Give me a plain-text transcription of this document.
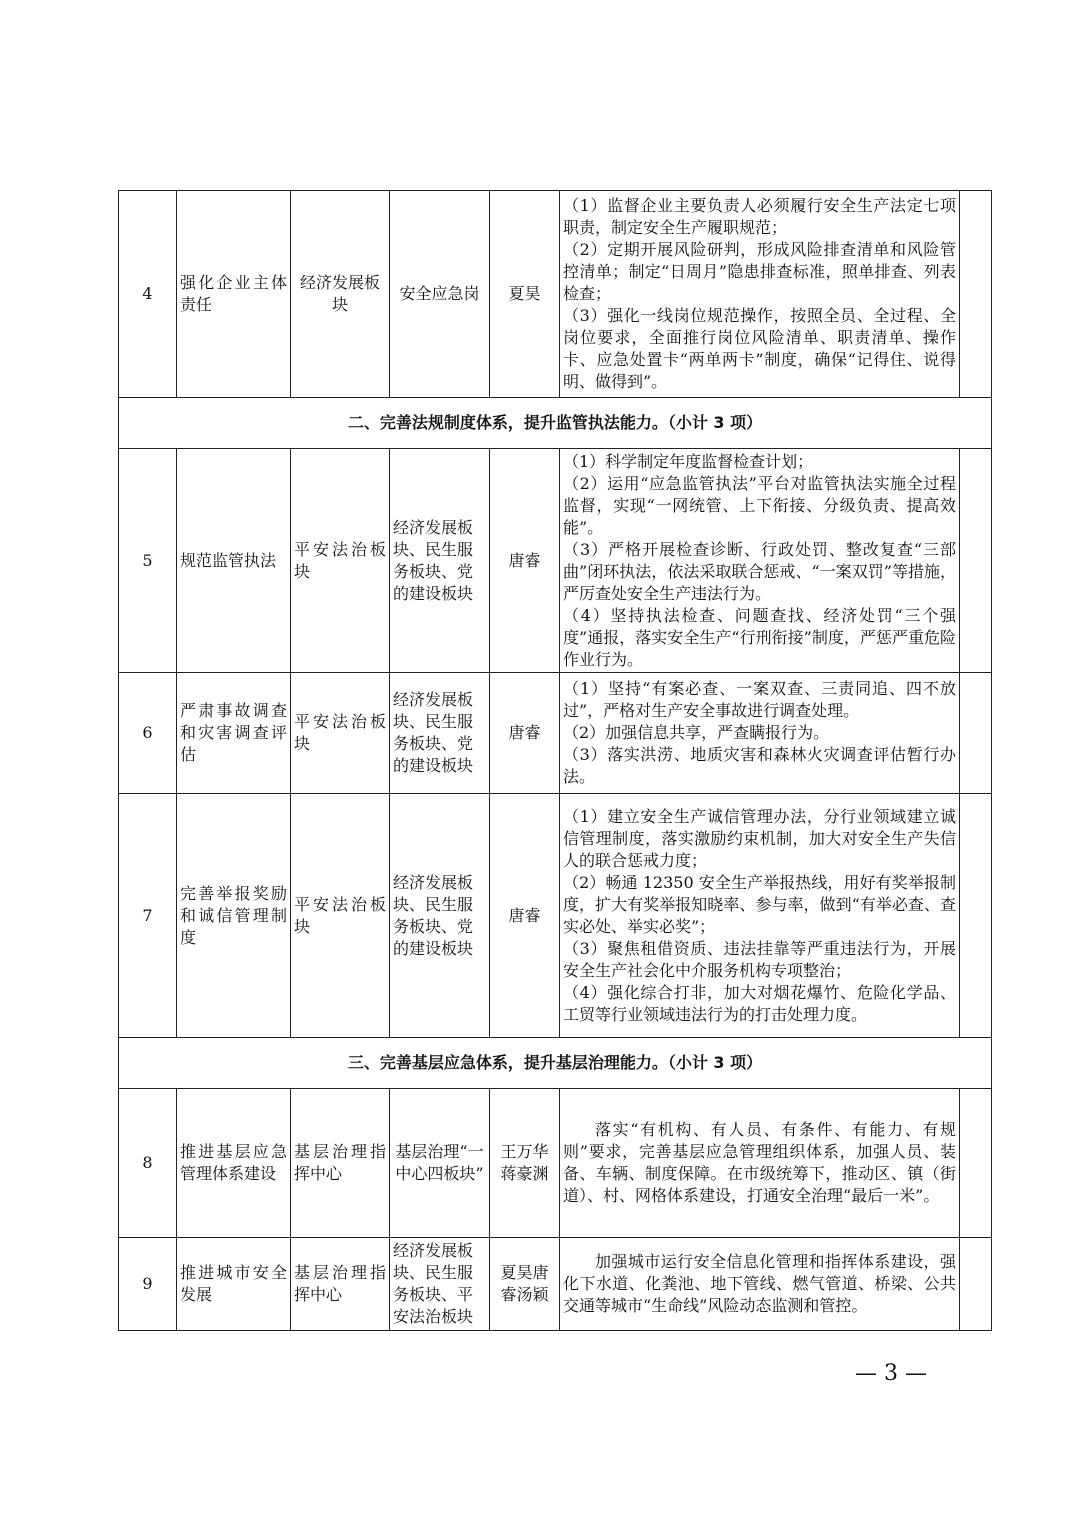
4	强化企业主体责任	经济发展板块	安全应急岗	夏昊	（1）监督企业主要负责人必须履行安全生产法定七项职责，制定安全生产履职规范；

（2）定期开展风险研判，形成风险排查清单和风险管控清单；制定“日周月”隐患排查标准，照单排查、列表检查；

（3）强化一线岗位规范操作，按照全员、全过程、全岗位要求，全面推行岗位风险清单、职责清单、操作卡、应急处置卡“两单两卡”制度，确保“记得住、说得明、做得到”。	

二、完善法规制度体系，提升监管执法能力。（小计 3 项）						
5	规范监管执法	平安法治板块	经济发展板块、民生服务板块、党的建设板块	唐睿	（1）科学制定年度监督检查计划；

（2）运用“应急监管执法”平台对监管执法实施全过程监督，实现“一网统管、上下衔接、分级负责、提高效能”。

（3）严格开展检查诊断、行政处罚、整改复查“三部曲”闭环执法，依法采取联合惩戒、“一案双罚”等措施，严厉查处安全生产违法行为。

（4）坚持执法检查、问题查找、经济处罚“三个强度”通报，落实安全生产“行刑衔接”制度，严惩严重危险作业行为。	

6	严肃事故调查和灾害调查评估	平安法治板块	经济发展板块、民生服务板块、党的建设板块	唐睿	（1）坚持“有案必查、一案双查、三责同追、四不放过”，严格对生产安全事故进行调查处理。

（2）加强信息共享，严查瞒报行为。

（3）落实洪涝、地质灾害和森林火灾调查评估暂行办法。	

7	完善举报奖励和诚信管理制度	平安法治板块	经济发展板块、民生服务板块、党的建设板块	唐睿	（1）建立安全生产诚信管理办法，分行业领域建立诚信管理制度，落实激励约束机制，加大对安全生产失信人的联合惩戒力度；

（2）畅通 12350 安全生产举报热线，用好有奖举报制度，扩大有奖举报知晓率、参与率，做到“有举必查、查实必处、举实必奖”；

（3）聚焦租借资质、违法挂靠等严重违法行为，开展安全生产社会化中介服务机构专项整治；

（4）强化综合打非，加大对烟花爆竹、危险化学品、工贸等行业领域违法行为的打击处理力度。	

三、完善基层应急体系，提升基层治理能力。（小计 3 项）						
8	推进基层应急管理体系建设	基层治理指挥中心	基层治理“一中心四板块”	王万华蒋豪渊	落实“有机构、有人员、有条件、有能力、有规则”要求，完善基层应急管理组织体系，加强人员、装备、车辆、制度保障。在市级统筹下，推动区、镇（街道）、村、网格体系建设，打通安全治理“最后一米”。	

9	推进城市安全发展	基层治理指挥中心	经济发展板块、民生服务板块、平安法治板块	夏昊唐睿汤颖	加强城市运行安全信息化管理和指挥体系建设，强化下水道、化粪池、地下管线、燃气管道、桥梁、公共交通等城市“生命线”风险动态监测和管控。	

— 3 —
